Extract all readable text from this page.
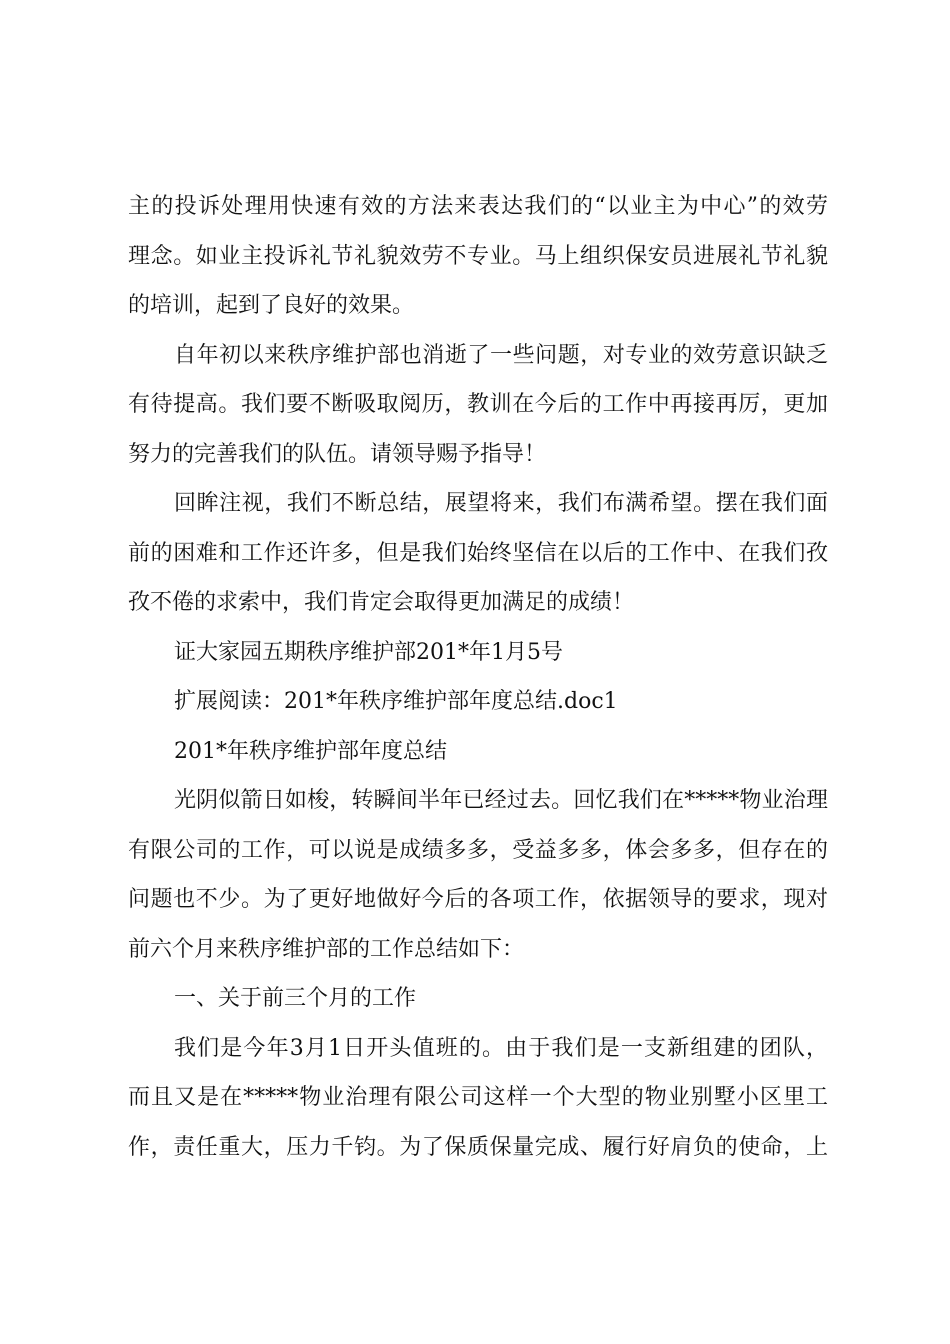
主的投诉处理用快速有效的方法来表达我们的“以业主为中心”的效劳
理念。如业主投诉礼节礼貌效劳不专业。马上组织保安员进展礼节礼貌
的培训，起到了良好的效果。
自年初以来秩序维护部也消逝了一些问题，对专业的效劳意识缺乏
有待提高。我们要不断吸取阅历，教训在今后的工作中再接再厉，更加
努力的完善我们的队伍。请领导赐予指导！
回眸注视，我们不断总结，展望将来，我们布满希望。摆在我们面
前的困难和工作还许多，但是我们始终坚信在以后的工作中、在我们孜
孜不倦的求索中，我们肯定会取得更加满足的成绩！
证大家园五期秩序维护部201*年1月5号
扩展阅读：201*年秩序维护部年度总结.doc1
201*年秩序维护部年度总结
光阴似箭日如梭，转瞬间半年已经过去。回忆我们在*****物业治理
有限公司的工作，可以说是成绩多多，受益多多，体会多多，但存在的
问题也不少。为了更好地做好今后的各项工作，依据领导的要求，现对
前六个月来秩序维护部的工作总结如下：
一、关于前三个月的工作
我们是今年3月1日开头值班的。由于我们是一支新组建的团队，
而且又是在*****物业治理有限公司这样一个大型的物业别墅小区里工
作，责任重大，压力千钧。为了保质保量完成、履行好肩负的使命，上
